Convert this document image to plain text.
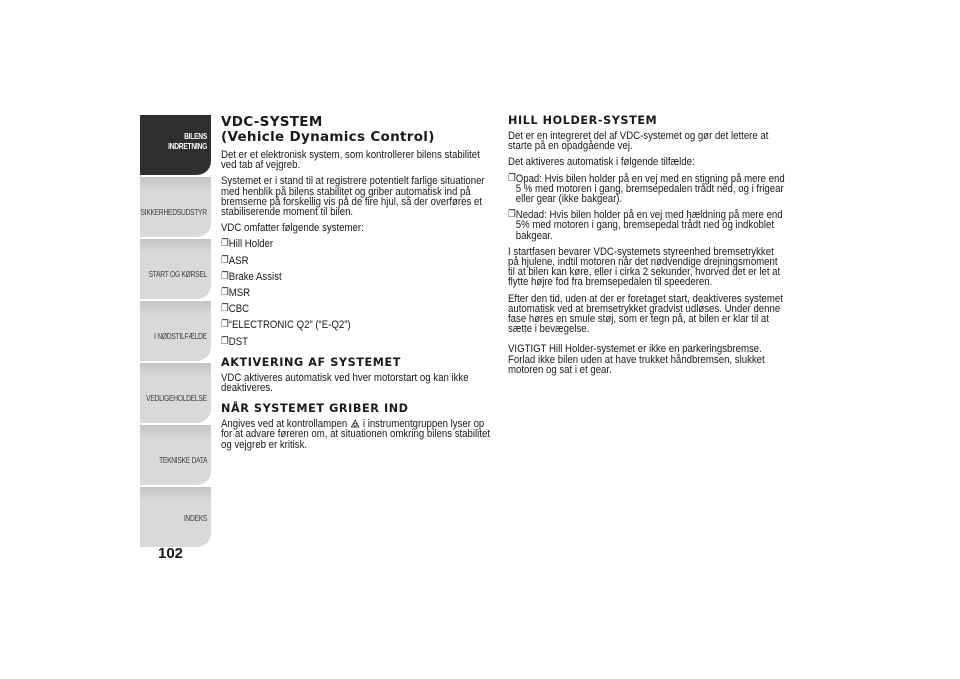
BILENS INDRETNING
SIKKERHEDSUDSTYR
START OG KØRSEL
I NØDSTILFÆLDE
VEDLIGEHOLDELSE
TEKNISKE DATA
INDEKS
102
VDC-SYSTEM
(Vehicle Dynamics Control)

Det er et elektronisk system, som kontrollerer bilens stabilitet ved tab af vejgreb.

Systemet er i stand til at registrere potentielt farlige situationer med henblik på bilens stabilitet og griber automatisk ind på bremserne på forskellig vis på de fire hjul, så der overføres et stabiliserende moment til bilen.

VDC omfatter følgende systemer:

❐ Hill Holder
❐ ASR
❐ Brake Assist
❐ MSR
❐ CBC
❐ “ELECTRONIC Q2” (“E-Q2”)
❐ DST
AKTIVERING AF SYSTEMET

VDC aktiveres automatisk ved hver motorstart og kan ikke deaktiveres.

NÅR SYSTEMET GRIBER IND

Angives ved at kontrollampen i instrumentgruppen lyser op for at advare føreren om, at situationen omkring bilens stabilitet og vejgreb er kritisk.

HILL HOLDER-SYSTEM

Det er en integreret del af VDC-systemet og gør det lettere at starte på en opadgående vej.

Det aktiveres automatisk i følgende tilfælde:

❐ Opad: Hvis bilen holder på en vej med en stigning på mere end 5 % med motoren i gang, bremsepedalen trådt ned, og i frigear eller gear (ikke bakgear).
❐ Nedad: Hvis bilen holder på en vej med hældning på mere end 5% med motoren i gang, bremsepedal trådt ned og indkoblet bakgear.

I startfasen bevarer VDC-systemets styreenhed bremsetrykket på hjulene, indtil motoren når det nødvendige drejningsmoment til at bilen kan køre, eller i cirka 2 sekunder, hvorved det er let at flytte højre fod fra bremsepedalen til speederen.

Efter den tid, uden at der er foretaget start, deaktiveres systemet automatisk ved at bremsetrykket gradvist udløses. Under denne fase høres en smule støj, som er tegn på, at bilen er klar til at sætte i bevægelse.

VIGTIGT Hill Holder-systemet er ikke en parkeringsbremse. Forlad ikke bilen uden at have trukket håndbremsen, slukket motoren og sat i et gear.
